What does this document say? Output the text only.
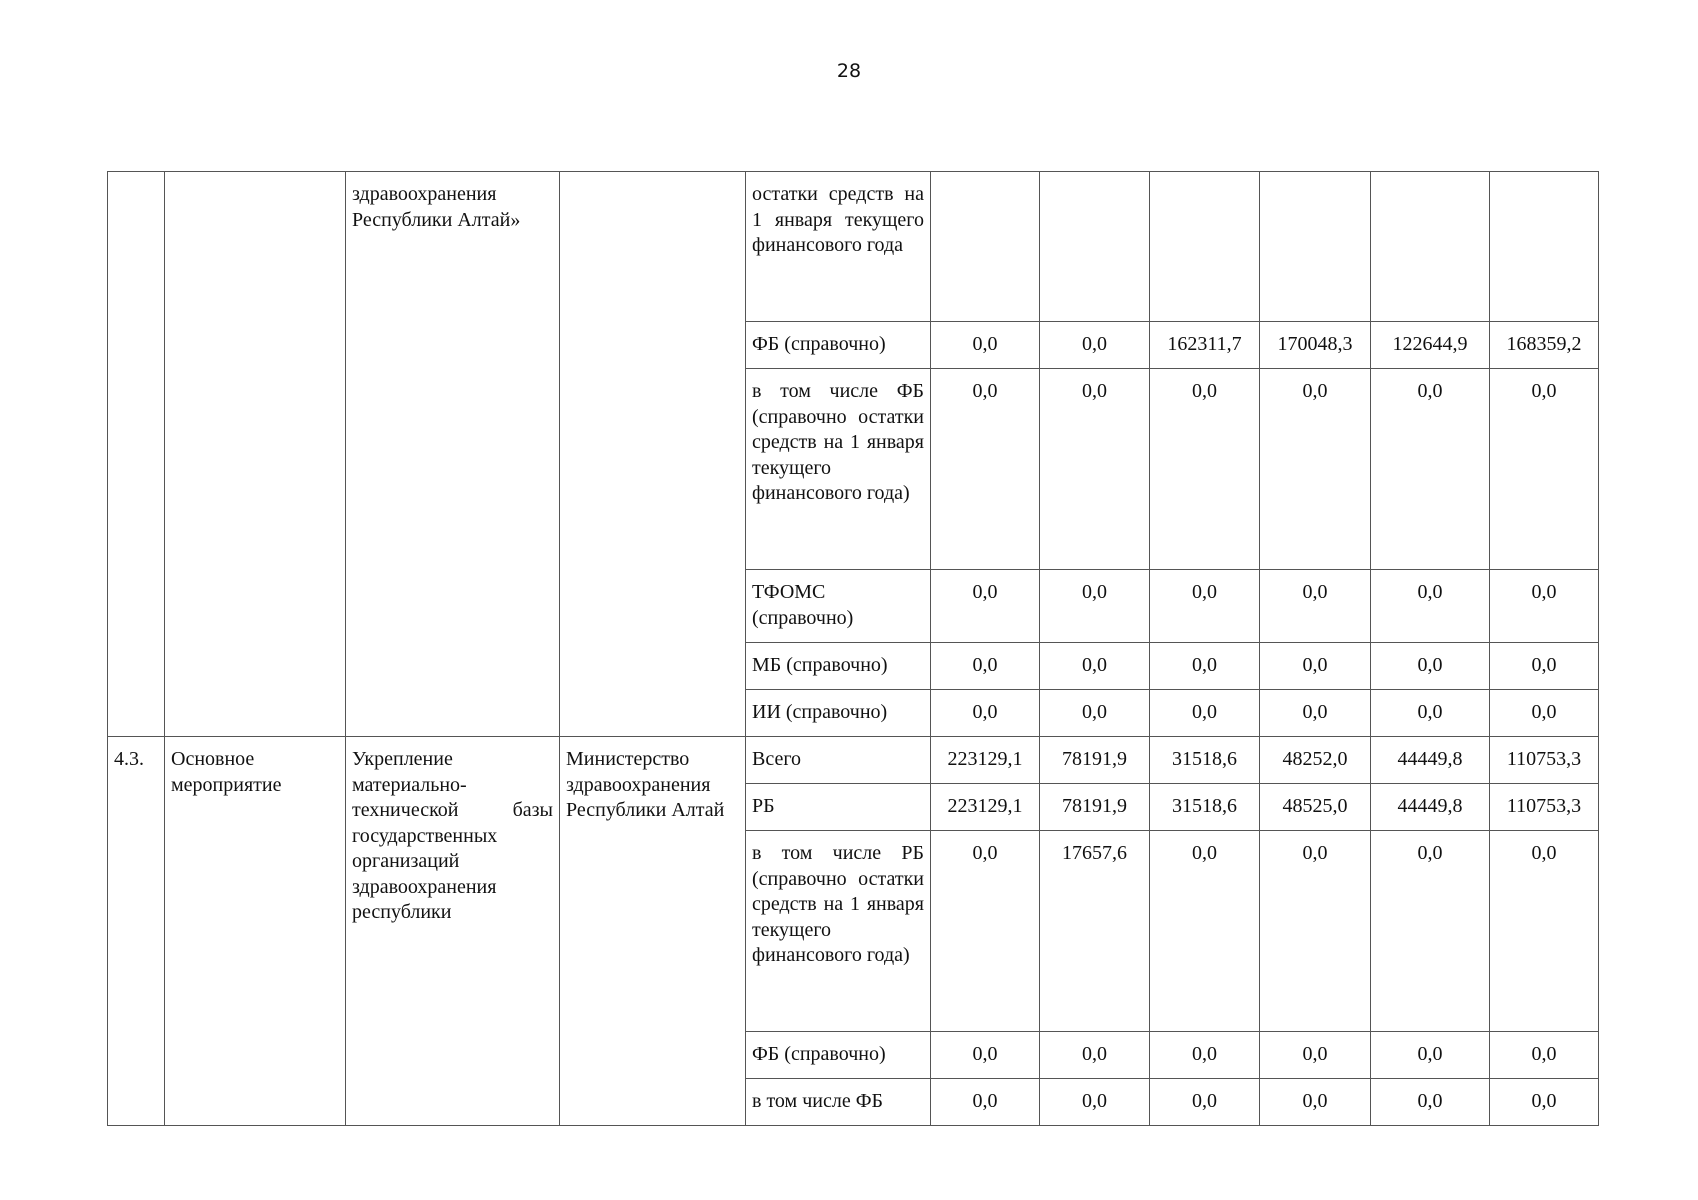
28
		здравоохранения Республики Алтай»		остатки средств на 1 января текущего финансового года						
				ФБ (справочно)	0,0	0,0	162311,7	170048,3	122644,9	168359,2
				в том числе ФБ (справочно остатки средств на 1 января текущего финансового года)	0,0	0,0	0,0	0,0	0,0	0,0
				ТФОМС (справочно)	0,0	0,0	0,0	0,0	0,0	0,0
				МБ (справочно)	0,0	0,0	0,0	0,0	0,0	0,0
				ИИ (справочно)	0,0	0,0	0,0	0,0	0,0	0,0
4.3.	Основное мероприятие	Укрепление материально-технической базы государственных организаций здравоохранения республики	Министерство здравоохранения Республики Алтай	Всего	223129,1	78191,9	31518,6	48252,0	44449,8	110753,3
				РБ	223129,1	78191,9	31518,6	48525,0	44449,8	110753,3
				в том числе РБ (справочно остатки средств на 1 января текущего финансового года)	0,0	17657,6	0,0	0,0	0,0	0,0
				ФБ (справочно)	0,0	0,0	0,0	0,0	0,0	0,0
				в том числе ФБ	0,0	0,0	0,0	0,0	0,0	0,0
